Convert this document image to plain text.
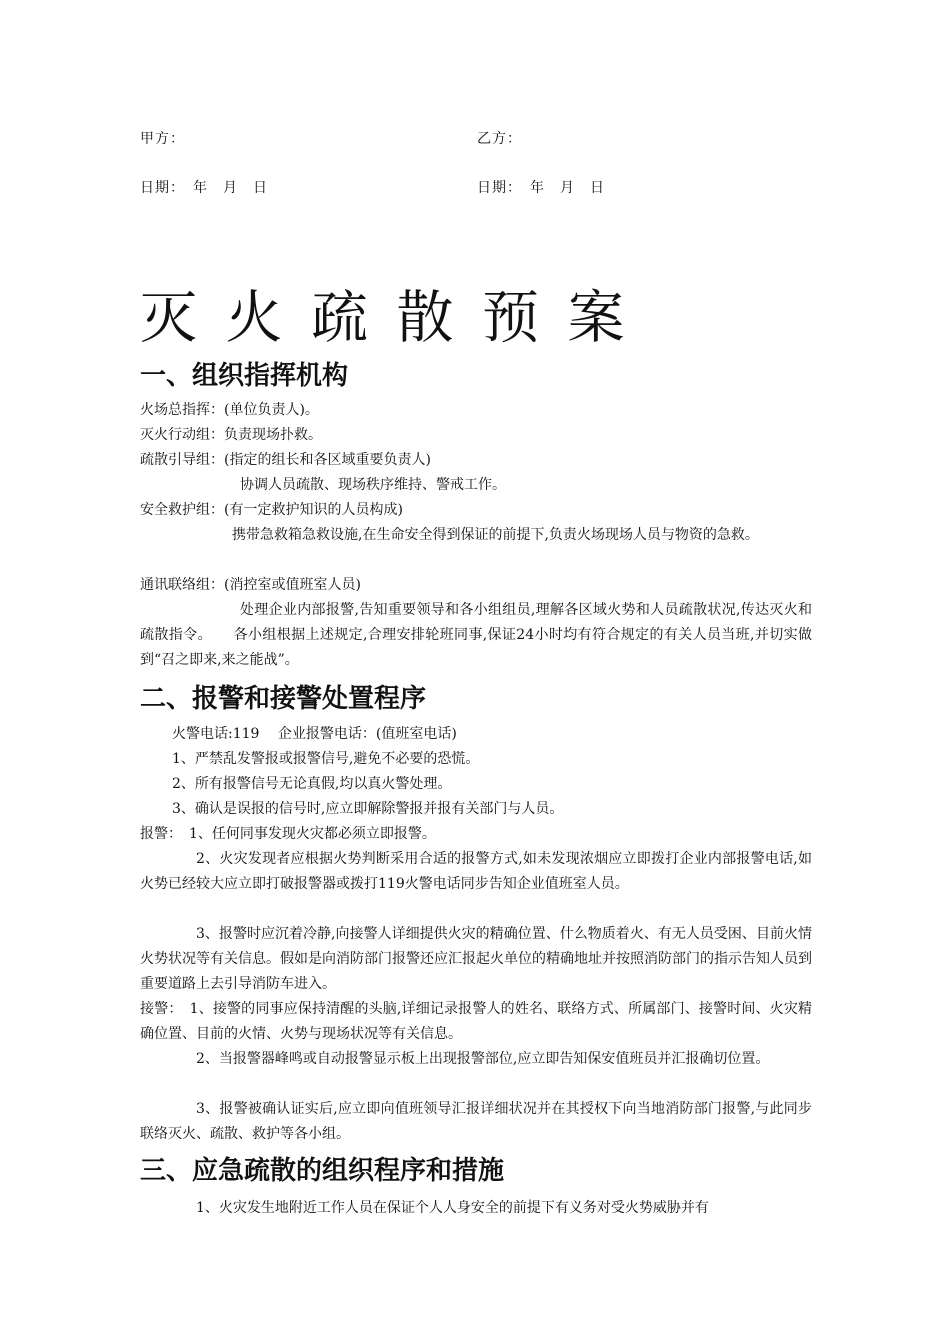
甲方：	乙方：
日期：　年　月　日	日期：　年　月　日
灭火疏散预案
一、组织指挥机构
火场总指挥：(单位负责人)。
灭火行动组：负责现场扑救。
疏散引导组：(指定的组长和各区域重要负责人)
协调人员疏散、现场秩序维持、警戒工作。
安全救护组：(有一定救护知识的人员构成)
携带急救箱急救设施,在生命安全得到保证的前提下,负责火场现场人员与物资的急救。
通讯联络组：(消控室或值班室人员)
处理企业内部报警,告知重要领导和各小组组员,理解各区域火势和人员疏散状况,传达灭火和疏散指令。　　各小组根据上述规定,合理安排轮班同事,保证24小时均有符合规定的有关人员当班,并切实做到“召之即来,来之能战”。
二、报警和接警处置程序
火警电话:119　 企业报警电话：(值班室电话)
1、严禁乱发警报或报警信号,避免不必要的恐慌。
2、所有报警信号无论真假,均以真火警处理。
3、确认是误报的信号时,应立即解除警报并报有关部门与人员。
报警：　1、任何同事发现火灾都必须立即报警。
2、火灾发现者应根据火势判断采用合适的报警方式,如未发现浓烟应立即拨打企业内部报警电话,如火势已经较大应立即打破报警器或拨打119火警电话同步告知企业值班室人员。
3、报警时应沉着冷静,向接警人详细提供火灾的精确位置、什么物质着火、有无人员受困、目前火情火势状况等有关信息。假如是向消防部门报警还应汇报起火单位的精确地址并按照消防部门的指示告知人员到重要道路上去引导消防车进入。
接警：　1、接警的同事应保持清醒的头脑,详细记录报警人的姓名、联络方式、所属部门、接警时间、火灾精确位置、目前的火情、火势与现场状况等有关信息。
2、当报警器峰鸣或自动报警显示板上出现报警部位,应立即告知保安值班员并汇报确切位置。
3、报警被确认证实后,应立即向值班领导汇报详细状况并在其授权下向当地消防部门报警,与此同步联络灭火、疏散、救护等各小组。
三、应急疏散的组织程序和措施
1、火灾发生地附近工作人员在保证个人人身安全的前提下有义务对受火势威胁并有
